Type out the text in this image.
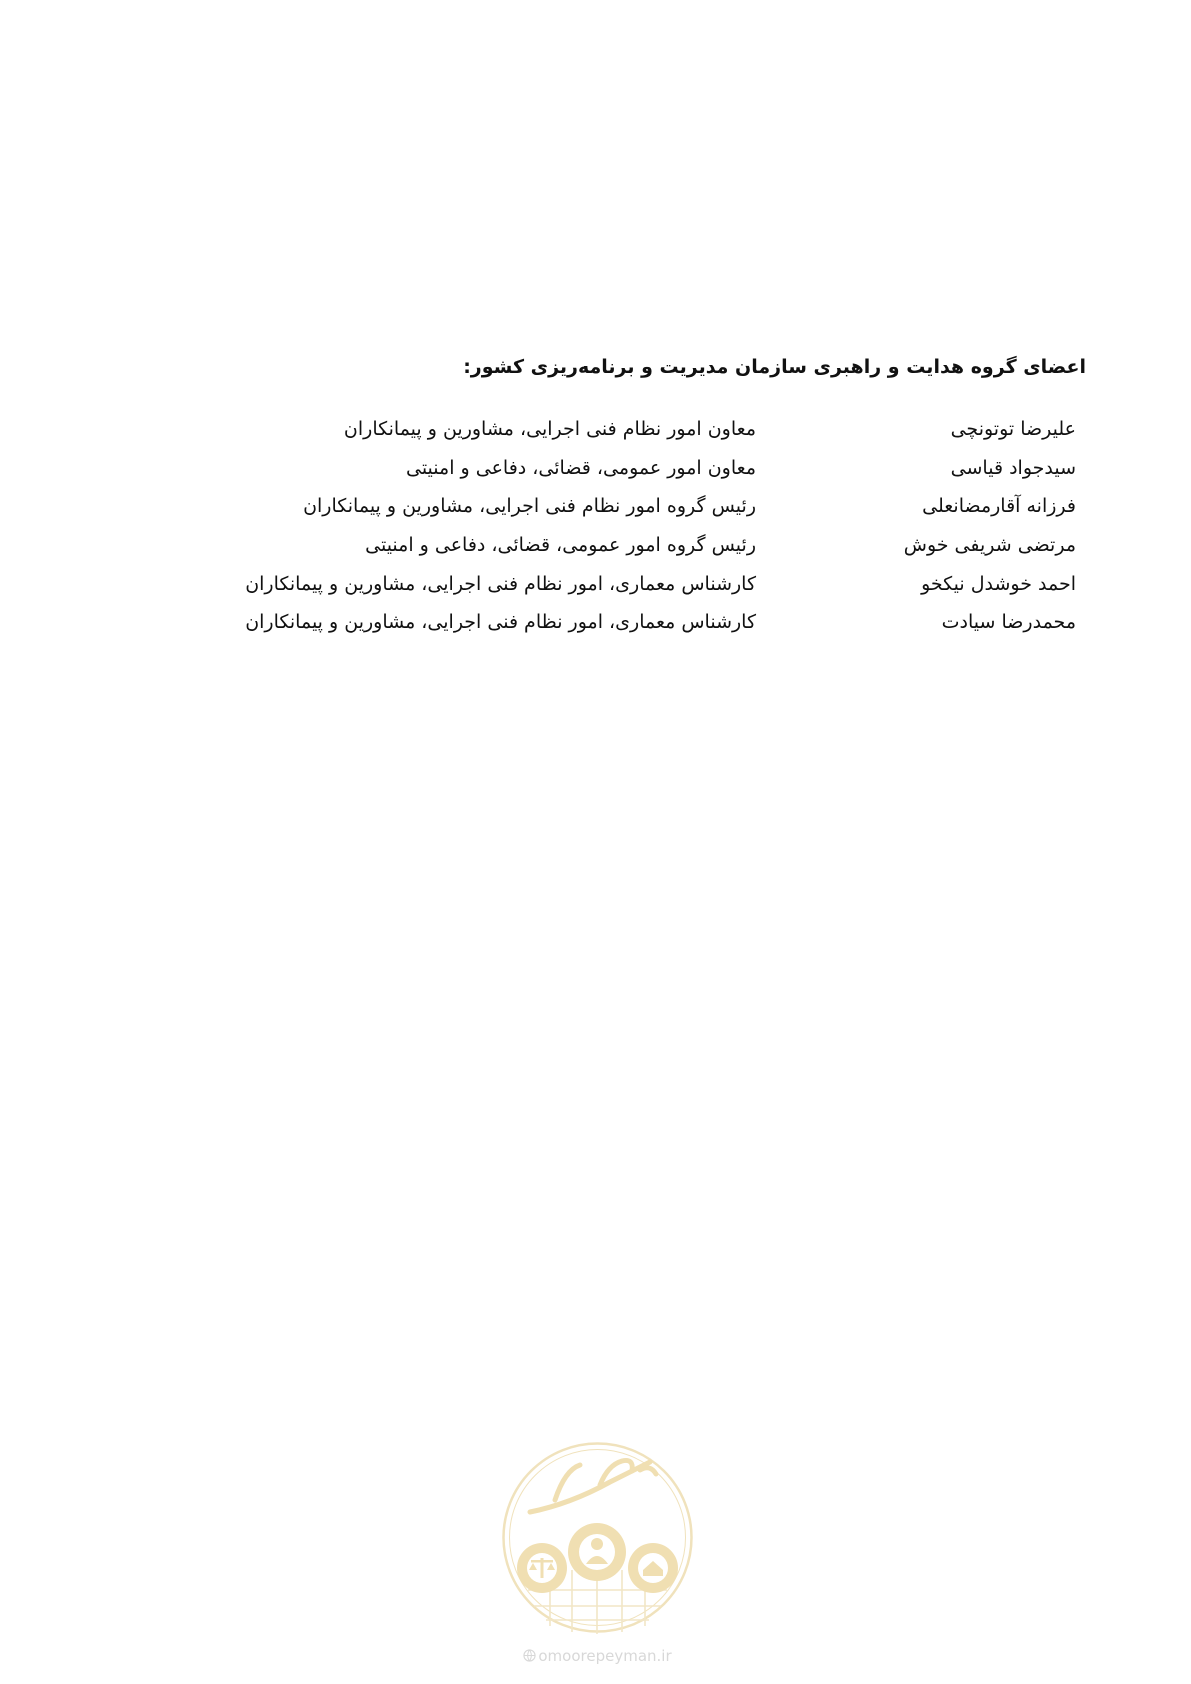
اعضای گروه هدایت و راهبری سازمان مدیریت و برنامه‌ریزی کشور:
علیرضا توتونچی
معاون امور نظام فنی اجرایی، مشاورین و پیمانکاران
سیدجواد قیاسی
معاون امور عمومی، قضائی، دفاعی و امنیتی
فرزانه آقارمضانعلی
رئیس گروه امور نظام فنی اجرایی، مشاورین و پیمانکاران
مرتضی شریفی خوش
رئیس گروه امور عمومی، قضائی، دفاعی و امنیتی
احمد خوشدل نیکخو
کارشناس معماری، امور نظام فنی اجرایی، مشاورین و پیمانکاران
محمدرضا سیادت
کارشناس معماری، امور نظام فنی اجرایی، مشاورین و پیمانکاران
omoorepeyman.ir
